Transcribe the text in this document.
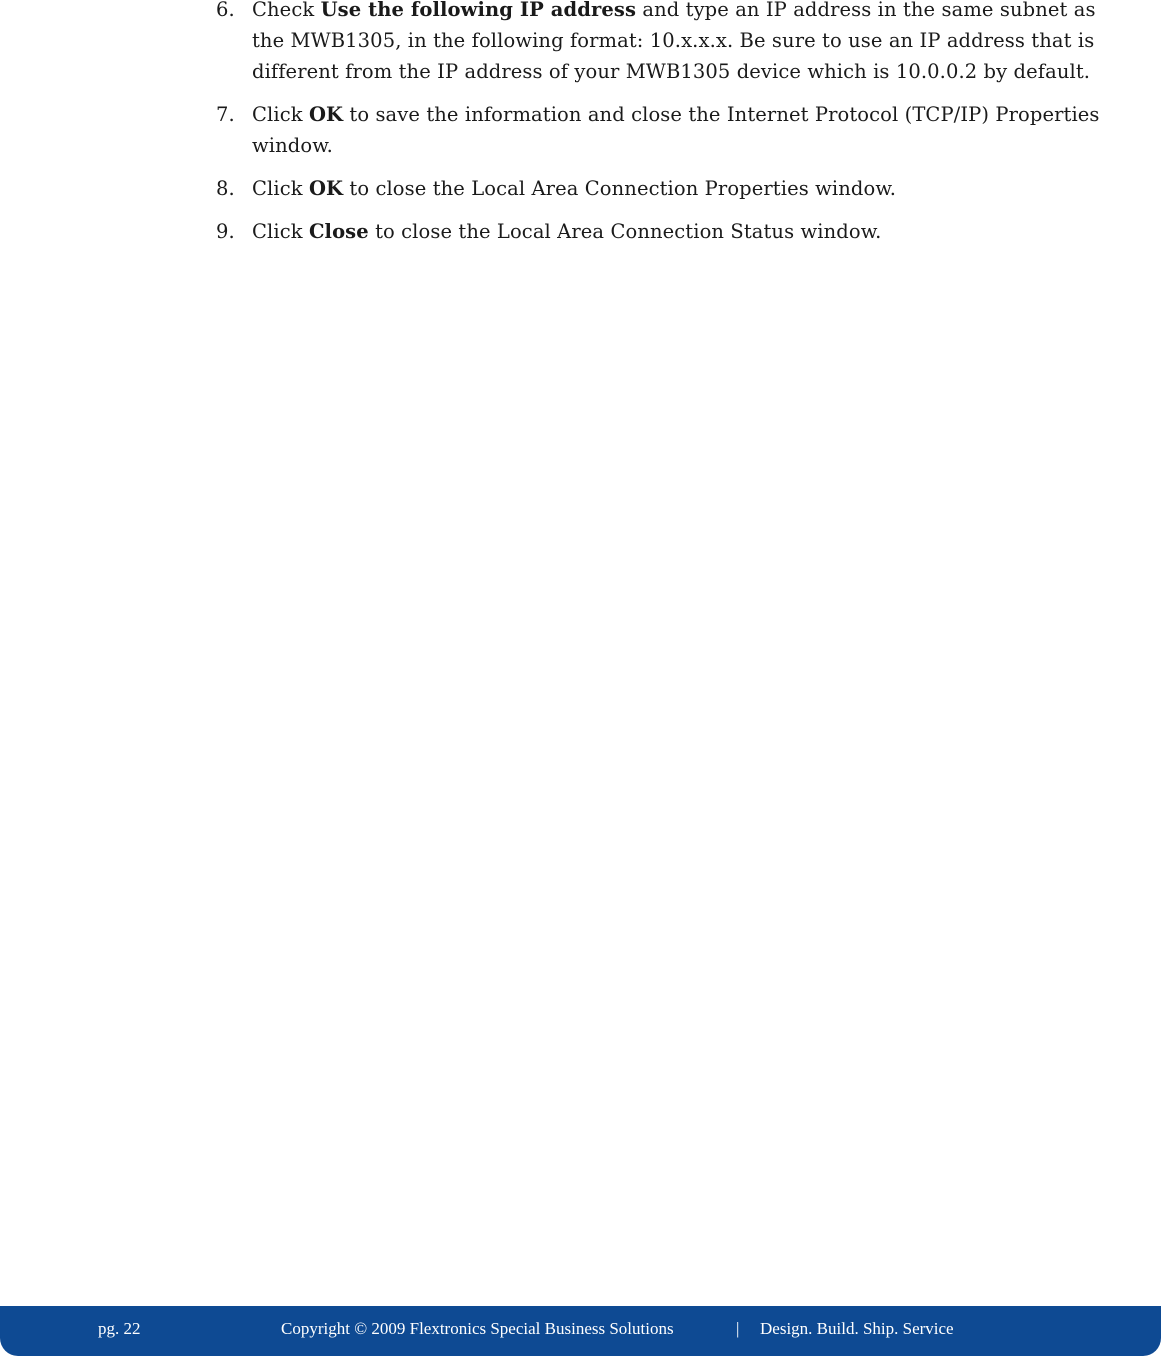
6. Check Use the following IP address and type an IP address in the same subnet as the MWB1305, in the following format: 10.x.x.x. Be sure to use an IP address that is different from the IP address of your MWB1305 device which is 10.0.0.2 by default.
7. Click OK to save the information and close the Internet Protocol (TCP/IP) Properties window.
8. Click OK to close the Local Area Connection Properties window.
9. Click Close to close the Local Area Connection Status window.
pg. 22	Copyright © 2009 Flextronics Special Business Solutions	| Design. Build. Ship. Service
